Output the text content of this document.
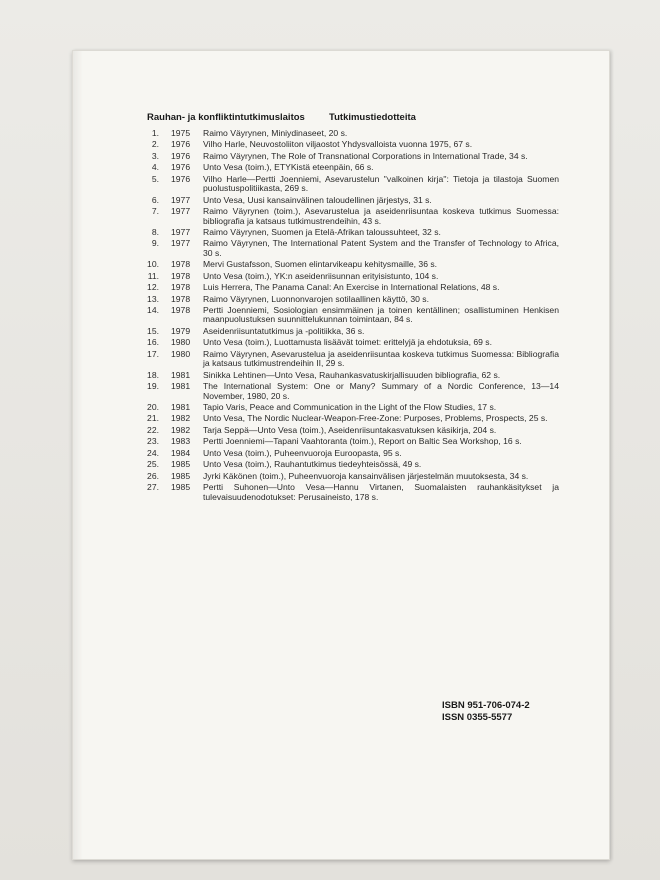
Rauhan- ja konfliktintutkimuslaitos	Tutkimustiedotteita
1. 1975 Raimo Väyrynen, Miniydinaseet, 20 s.
2. 1976 Vilho Harle, Neuvostoliiton viljaostot Yhdysvalloista vuonna 1975, 67 s.
3. 1976 Raimo Väyrynen, The Role of Transnational Corporations in International Trade, 34 s.
4. 1976 Unto Vesa (toim.), ETYKistä eteenpäin, 66 s.
5. 1976 Vilho Harle—Pertti Joenniemi, Asevarustelun ''valkoinen kirja'': Tietoja ja tilastoja Suomen puolustuspolitiikasta, 269 s.
6. 1977 Unto Vesa, Uusi kansainvälinen taloudellinen järjestys, 31 s.
7. 1977 Raimo Väyrynen (toim.), Asevarustelua ja aseidenriisuntaa koskeva tutkimus Suomessa: bibliografia ja katsaus tutkimustrendeihin, 43 s.
8. 1977 Raimo Väyrynen, Suomen ja Etelä-Afrikan taloussuhteet, 32 s.
9. 1977 Raimo Väyrynen, The International Patent System and the Transfer of Technology to Africa, 30 s.
10. 1978 Mervi Gustafsson, Suomen elintarvikeapu kehitysmaille, 36 s.
11. 1978 Unto Vesa (toim.), YK:n aseidenriisunnan erityisistunto, 104 s.
12. 1978 Luis Herrera, The Panama Canal: An Exercise in International Relations, 48 s.
13. 1978 Raimo Väyrynen, Luonnonvarojen sotilaallinen käyttö, 30 s.
14. 1978 Pertti Joenniemi, Sosiologian ensimmäinen ja toinen kentällinen; osallistuminen Henkisen maanpuolustuksen suunnittelukunnan toimintaan, 84 s.
15. 1979 Aseidenriisuntatutkimus ja -politiikka, 36 s.
16. 1980 Unto Vesa (toim.), Luottamusta lisäävät toimet: erittelyjä ja ehdotuksia, 69 s.
17. 1980 Raimo Väyrynen, Asevarustelua ja aseidenriisuntaa koskeva tutkimus Suomessa: Bibliografia ja katsaus tutkimustrendeihin II, 29 s.
18. 1981 Sinikka Lehtinen—Unto Vesa, Rauhankasvatuskirjallisuuden bibliografia, 62 s.
19. 1981 The International System: One or Many? Summary of a Nordic Conference, 13—14 November, 1980, 20 s.
20. 1981 Tapio Varis, Peace and Communication in the Light of the Flow Studies, 17 s.
21. 1982 Unto Vesa, The Nordic Nuclear-Weapon-Free-Zone: Purposes, Problems, Prospects, 25 s.
22. 1982 Tarja Seppä—Unto Vesa (toim.), Aseidenriisuntakasvatuksen käsikirja, 204 s.
23. 1983 Pertti Joenniemi—Tapani Vaahtoranta (toim.), Report on Baltic Sea Workshop, 16 s.
24. 1984 Unto Vesa (toim.), Puheenvuoroja Euroopasta, 95 s.
25. 1985 Unto Vesa (toim.), Rauhantutkimus tiedeyhteisössä, 49 s.
26. 1985 Jyrki Käkönen (toim.), Puheenvuoroja kansainvälisen järjestelmän muutoksesta, 34 s.
27. 1985 Pertti Suhonen—Unto Vesa—Hannu Virtanen, Suomalaisten rauhankäsitykset ja tulevaisuudenodotukset: Perusaineisto, 178 s.
ISBN 951-706-074-2
ISSN 0355-5577
